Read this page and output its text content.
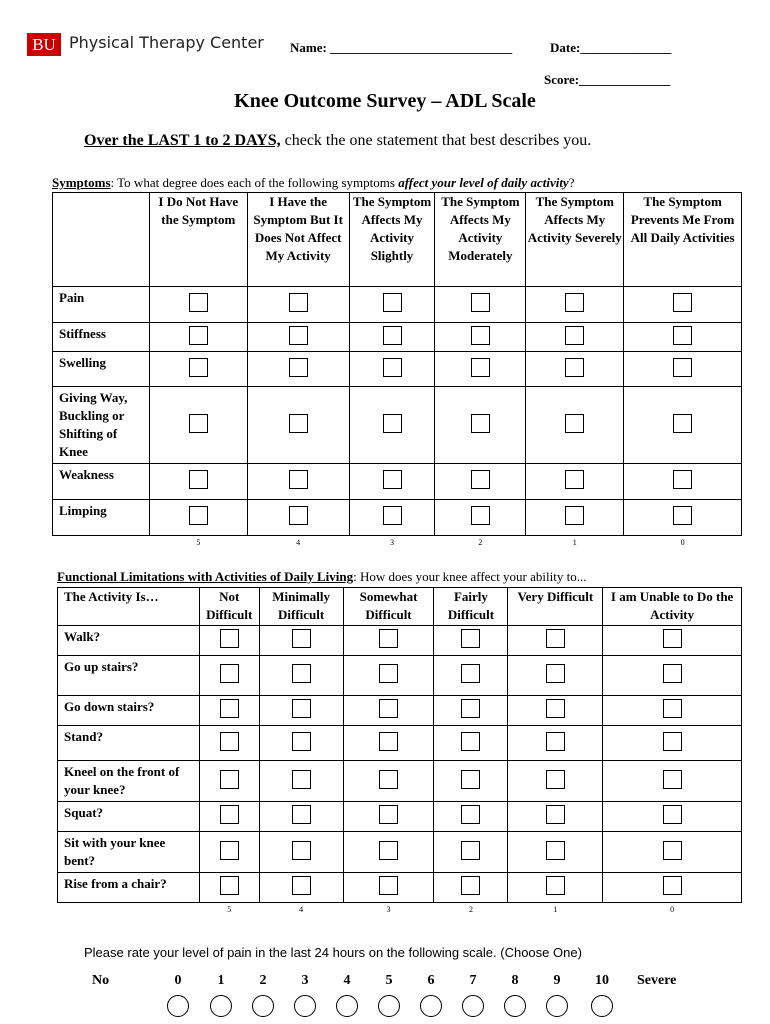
BU Physical Therapy Center Name: ____________________________	Date:______________
Score:______________
Knee Outcome Survey – ADL Scale
Over the LAST 1 to 2 DAYS, check the one statement that best describes you.
Symptoms: To what degree does each of the following symptoms affect your level of daily activity?
	I Do Not Have the Symptom	I Have the Symptom But It Does Not Affect My Activity	The Symptom Affects My Activity Slightly	The Symptom Affects My Activity Moderately	The Symptom Affects My Activity Severely	The Symptom Prevents Me From All Daily Activities
Pain						
Stiffness						
Swelling						
Giving Way, Buckling or Shifting of Knee						
Weakness						
Limping						
5	4	3	2	1	0
Functional Limitations with Activities of Daily Living: How does your knee affect your ability to...
The Activity Is…	Not Difficult	Minimally Difficult	Somewhat Difficult	Fairly Difficult	Very Difficult	I am Unable to Do the Activity
Walk?						
Go up stairs?						
Go down stairs?						
Stand?						
Kneel on the front of your knee?						
Squat?						
Sit with your knee bent?						
Rise from a chair?						
5	4	3	2	1	0
Please rate your level of pain in the last 24 hours on the following scale. (Choose One)
No	Severe
0	1	2	3	4	5	6	7	8	9	10
